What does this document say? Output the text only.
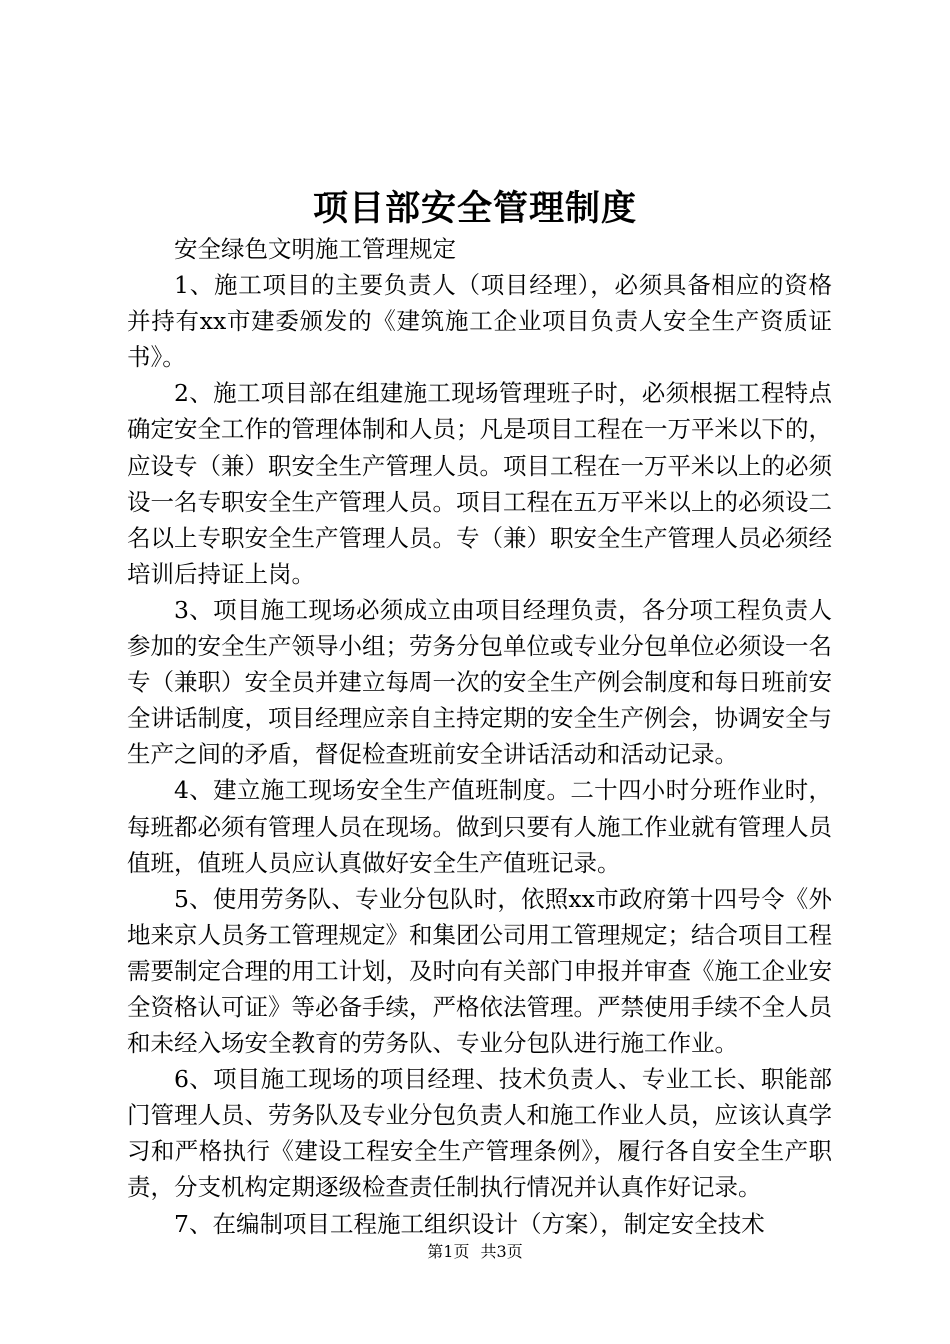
项目部安全管理制度

安全绿色文明施工管理规定

1、施工项目的主要负责人（项目经理），必须具备相应的资格并持有xx市建委颁发的《建筑施工企业项目负责人安全生产资质证书》。

2、施工项目部在组建施工现场管理班子时，必须根据工程特点确定安全工作的管理体制和人员；凡是项目工程在一万平米以下的，应设专（兼）职安全生产管理人员。项目工程在一万平米以上的必须设一名专职安全生产管理人员。项目工程在五万平米以上的必须设二名以上专职安全生产管理人员。专（兼）职安全生产管理人员必须经培训后持证上岗。

3、项目施工现场必须成立由项目经理负责，各分项工程负责人参加的安全生产领导小组；劳务分包单位或专业分包单位必须设一名专（兼职）安全员并建立每周一次的安全生产例会制度和每日班前安全讲话制度，项目经理应亲自主持定期的安全生产例会，协调安全与生产之间的矛盾，督促检查班前安全讲话活动和活动记录。

4、建立施工现场安全生产值班制度。二十四小时分班作业时，每班都必须有管理人员在现场。做到只要有人施工作业就有管理人员值班，值班人员应认真做好安全生产值班记录。

5、使用劳务队、专业分包队时，依照xx市政府第十四号令《外地来京人员务工管理规定》和集团公司用工管理规定；结合项目工程需要制定合理的用工计划，及时向有关部门申报并审查《施工企业安全资格认可证》等必备手续，严格依法管理。严禁使用手续不全人员和未经入场安全教育的劳务队、专业分包队进行施工作业。

6、项目施工现场的项目经理、技术负责人、专业工长、职能部门管理人员、劳务队及专业分包负责人和施工作业人员，应该认真学习和严格执行《建设工程安全生产管理条例》，履行各自安全生产职责，分支机构定期逐级检查责任制执行情况并认真作好记录。

7、在编制项目工程施工组织设计（方案），制定安全技术

第1页 共3页
